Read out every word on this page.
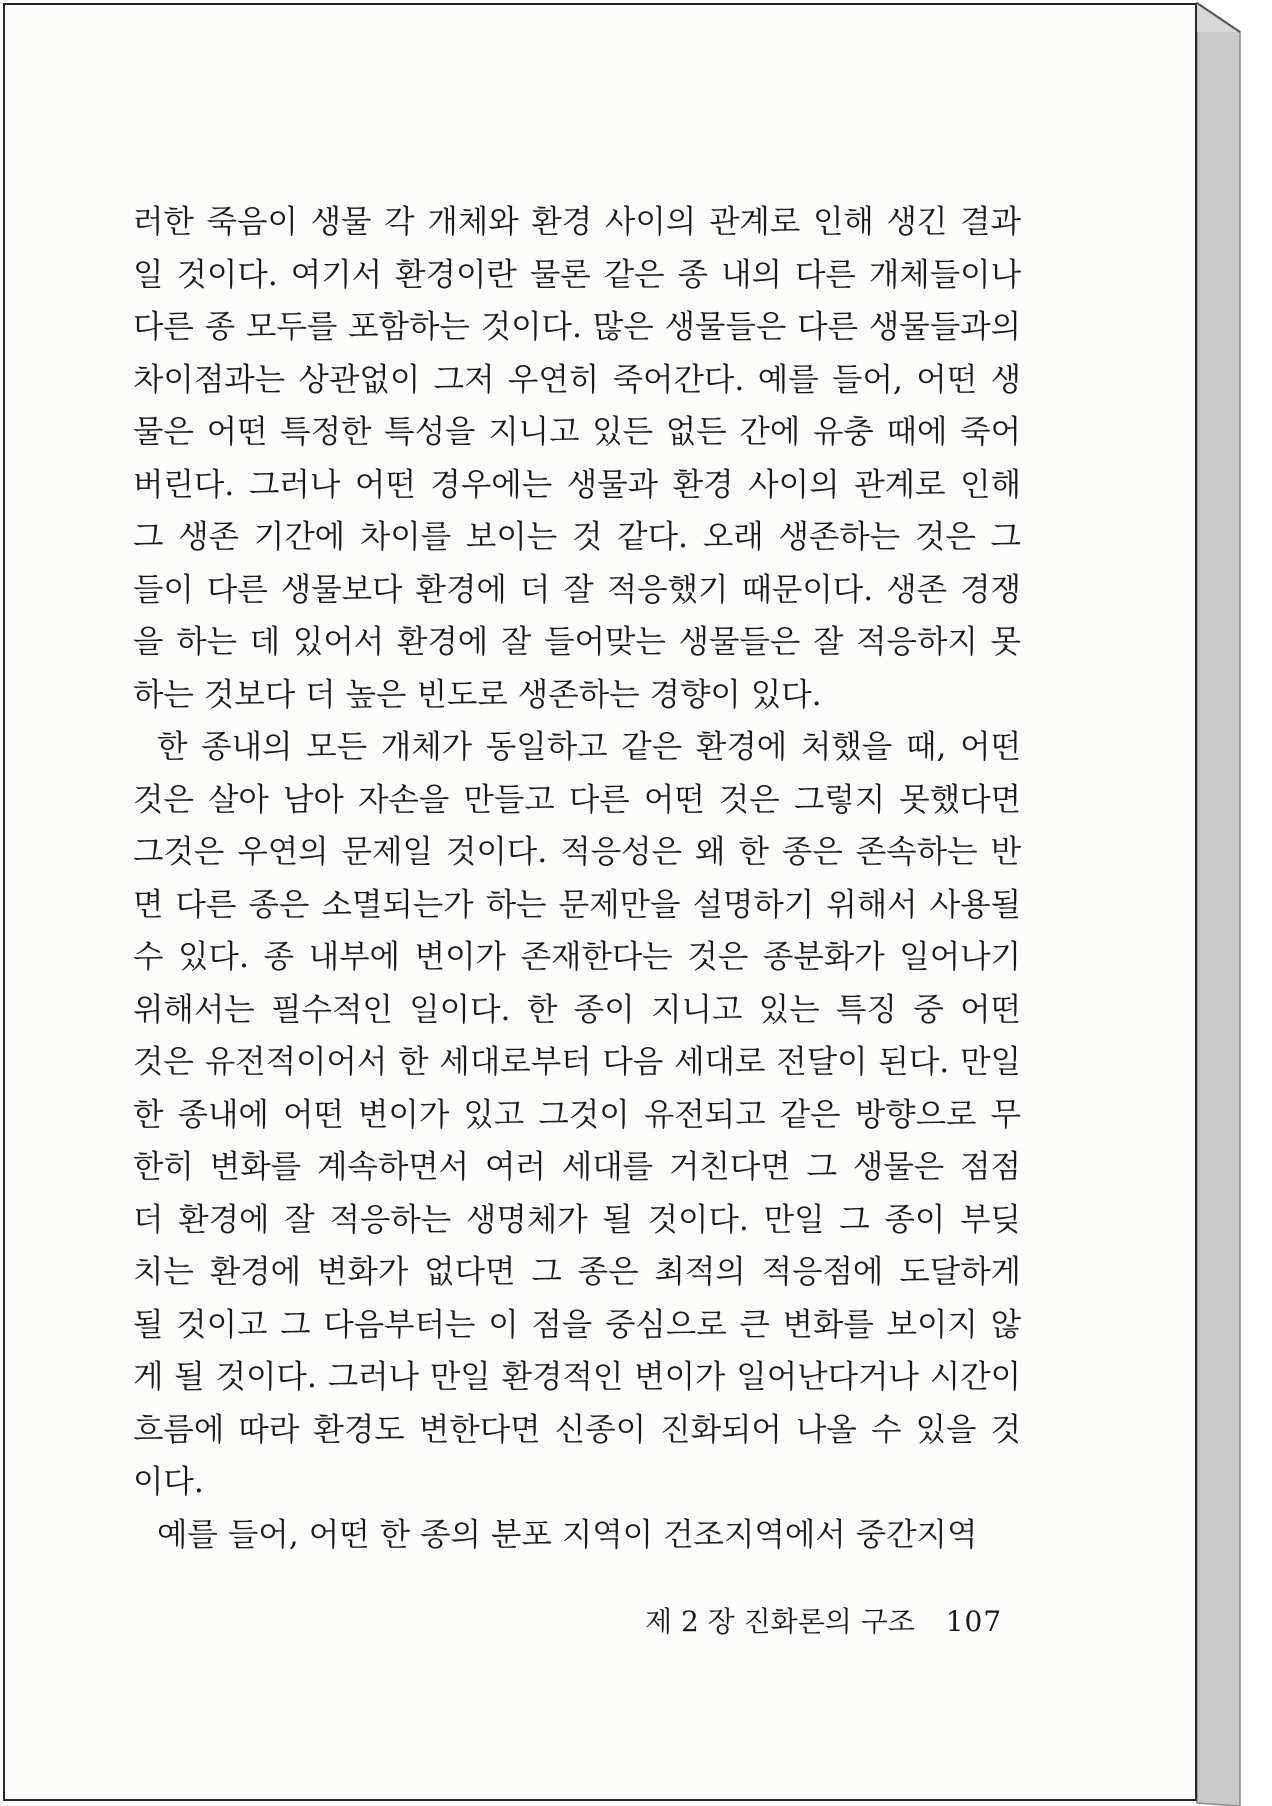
러한 죽음이 생물 각 개체와 환경 사이의 관계로 인해 생긴 결과
일 것이다. 여기서 환경이란 물론 같은 종 내의 다른 개체들이나
다른 종 모두를 포함하는 것이다. 많은 생물들은 다른 생물들과의
차이점과는 상관없이 그저 우연히 죽어간다. 예를 들어, 어떤 생
물은 어떤 특정한 특성을 지니고 있든 없든 간에 유충 때에 죽어
버린다. 그러나 어떤 경우에는 생물과 환경 사이의 관계로 인해
그 생존 기간에 차이를 보이는 것 같다. 오래 생존하는 것은 그
들이 다른 생물보다 환경에 더 잘 적응했기 때문이다. 생존 경쟁
을 하는 데 있어서 환경에 잘 들어맞는 생물들은 잘 적응하지 못
하는 것보다 더 높은 빈도로 생존하는 경향이 있다.
한 종내의 모든 개체가 동일하고 같은 환경에 처했을 때, 어떤
것은 살아 남아 자손을 만들고 다른 어떤 것은 그렇지 못했다면
그것은 우연의 문제일 것이다. 적응성은 왜 한 종은 존속하는 반
면 다른 종은 소멸되는가 하는 문제만을 설명하기 위해서 사용될
수 있다. 종 내부에 변이가 존재한다는 것은 종분화가 일어나기
위해서는 필수적인 일이다. 한 종이 지니고 있는 특징 중 어떤
것은 유전적이어서 한 세대로부터 다음 세대로 전달이 된다. 만일
한 종내에 어떤 변이가 있고 그것이 유전되고 같은 방향으로 무
한히 변화를 계속하면서 여러 세대를 거친다면 그 생물은 점점
더 환경에 잘 적응하는 생명체가 될 것이다. 만일 그 종이 부딪
치는 환경에 변화가 없다면 그 종은 최적의 적응점에 도달하게
될 것이고 그 다음부터는 이 점을 중심으로 큰 변화를 보이지 않
게 될 것이다. 그러나 만일 환경적인 변이가 일어난다거나 시간이
흐름에 따라 환경도 변한다면 신종이 진화되어 나올 수 있을 것
이다.
예를 들어, 어떤 한 종의 분포 지역이 건조지역에서 중간지역
제 2 장 진화론의 구조 107
